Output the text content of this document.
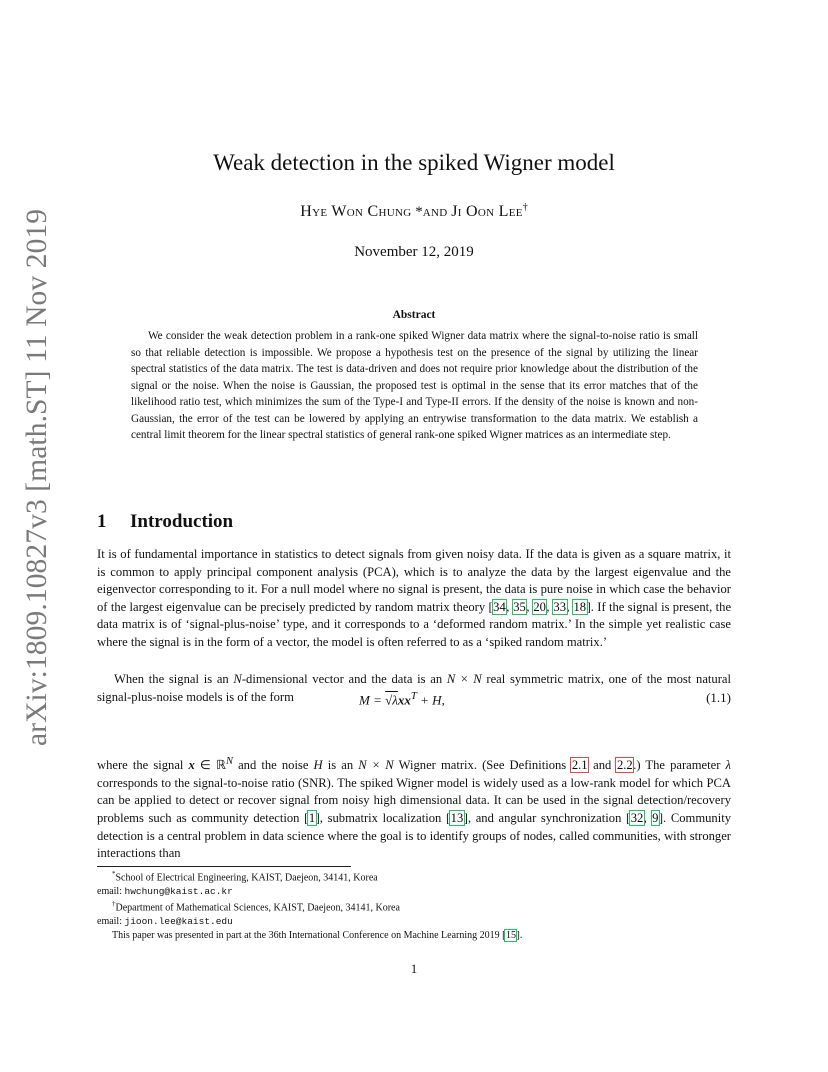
arXiv:1809.10827v3 [math.ST] 11 Nov 2019
Weak detection in the spiked Wigner model
Hye Won Chung *and Ji Oon Lee†
November 12, 2019
Abstract

We consider the weak detection problem in a rank-one spiked Wigner data matrix where the signal-to-noise ratio is small so that reliable detection is impossible. We propose a hypothesis test on the presence of the signal by utilizing the linear spectral statistics of the data matrix. The test is data-driven and does not require prior knowledge about the distribution of the signal or the noise. When the noise is Gaussian, the proposed test is optimal in the sense that its error matches that of the likelihood ratio test, which minimizes the sum of the Type-I and Type-II errors. If the density of the noise is known and non-Gaussian, the error of the test can be lowered by applying an entrywise transformation to the data matrix. We establish a central limit theorem for the linear spectral statistics of general rank-one spiked Wigner matrices as an intermediate step.

1 Introduction

It is of fundamental importance in statistics to detect signals from given noisy data. If the data is given as a square matrix, it is common to apply principal component analysis (PCA), which is to analyze the data by the largest eigenvalue and the eigenvector corresponding to it. For a null model where no signal is present, the data is pure noise in which case the behavior of the largest eigenvalue can be precisely predicted by random matrix theory [34, 35, 20, 33, 18]. If the signal is present, the data matrix is of ‘signal-plus-noise’ type, and it corresponds to a ‘deformed random matrix.’ In the simple yet realistic case where the signal is in the form of a vector, the model is often referred to as a ‘spiked random matrix.’

When the signal is an N-dimensional vector and the data is an N × N real symmetric matrix, one of the most natural signal-plus-noise models is of the form	M = √λxx$^T$ + H,	(1.1)

where the signal x ∈ ℝ$^N$ and the noise H is an N × N Wigner matrix. (See Definitions 2.1 and 2.2.) The parameter λ corresponds to the signal-to-noise ratio (SNR). The spiked Wigner model is widely used as a low-rank model for which PCA can be applied to detect or recover signal from noisy high dimensional data. It can be used in the signal detection/recovery problems such as community detection [1], submatrix localization [13], and angular synchronization [32, 9]. Community detection is a central problem in data science where the goal is to identify groups of nodes, called communities, with stronger interactions than

*School of Electrical Engineering, KAIST, Daejeon, 34141, Korea

email: hwchung@kaist.ac.kr

†Department of Mathematical Sciences, KAIST, Daejeon, 34141, Korea

email: jioon.lee@kaist.edu

This paper was presented in part at the 36th International Conference on Machine Learning 2019 [15].

1
